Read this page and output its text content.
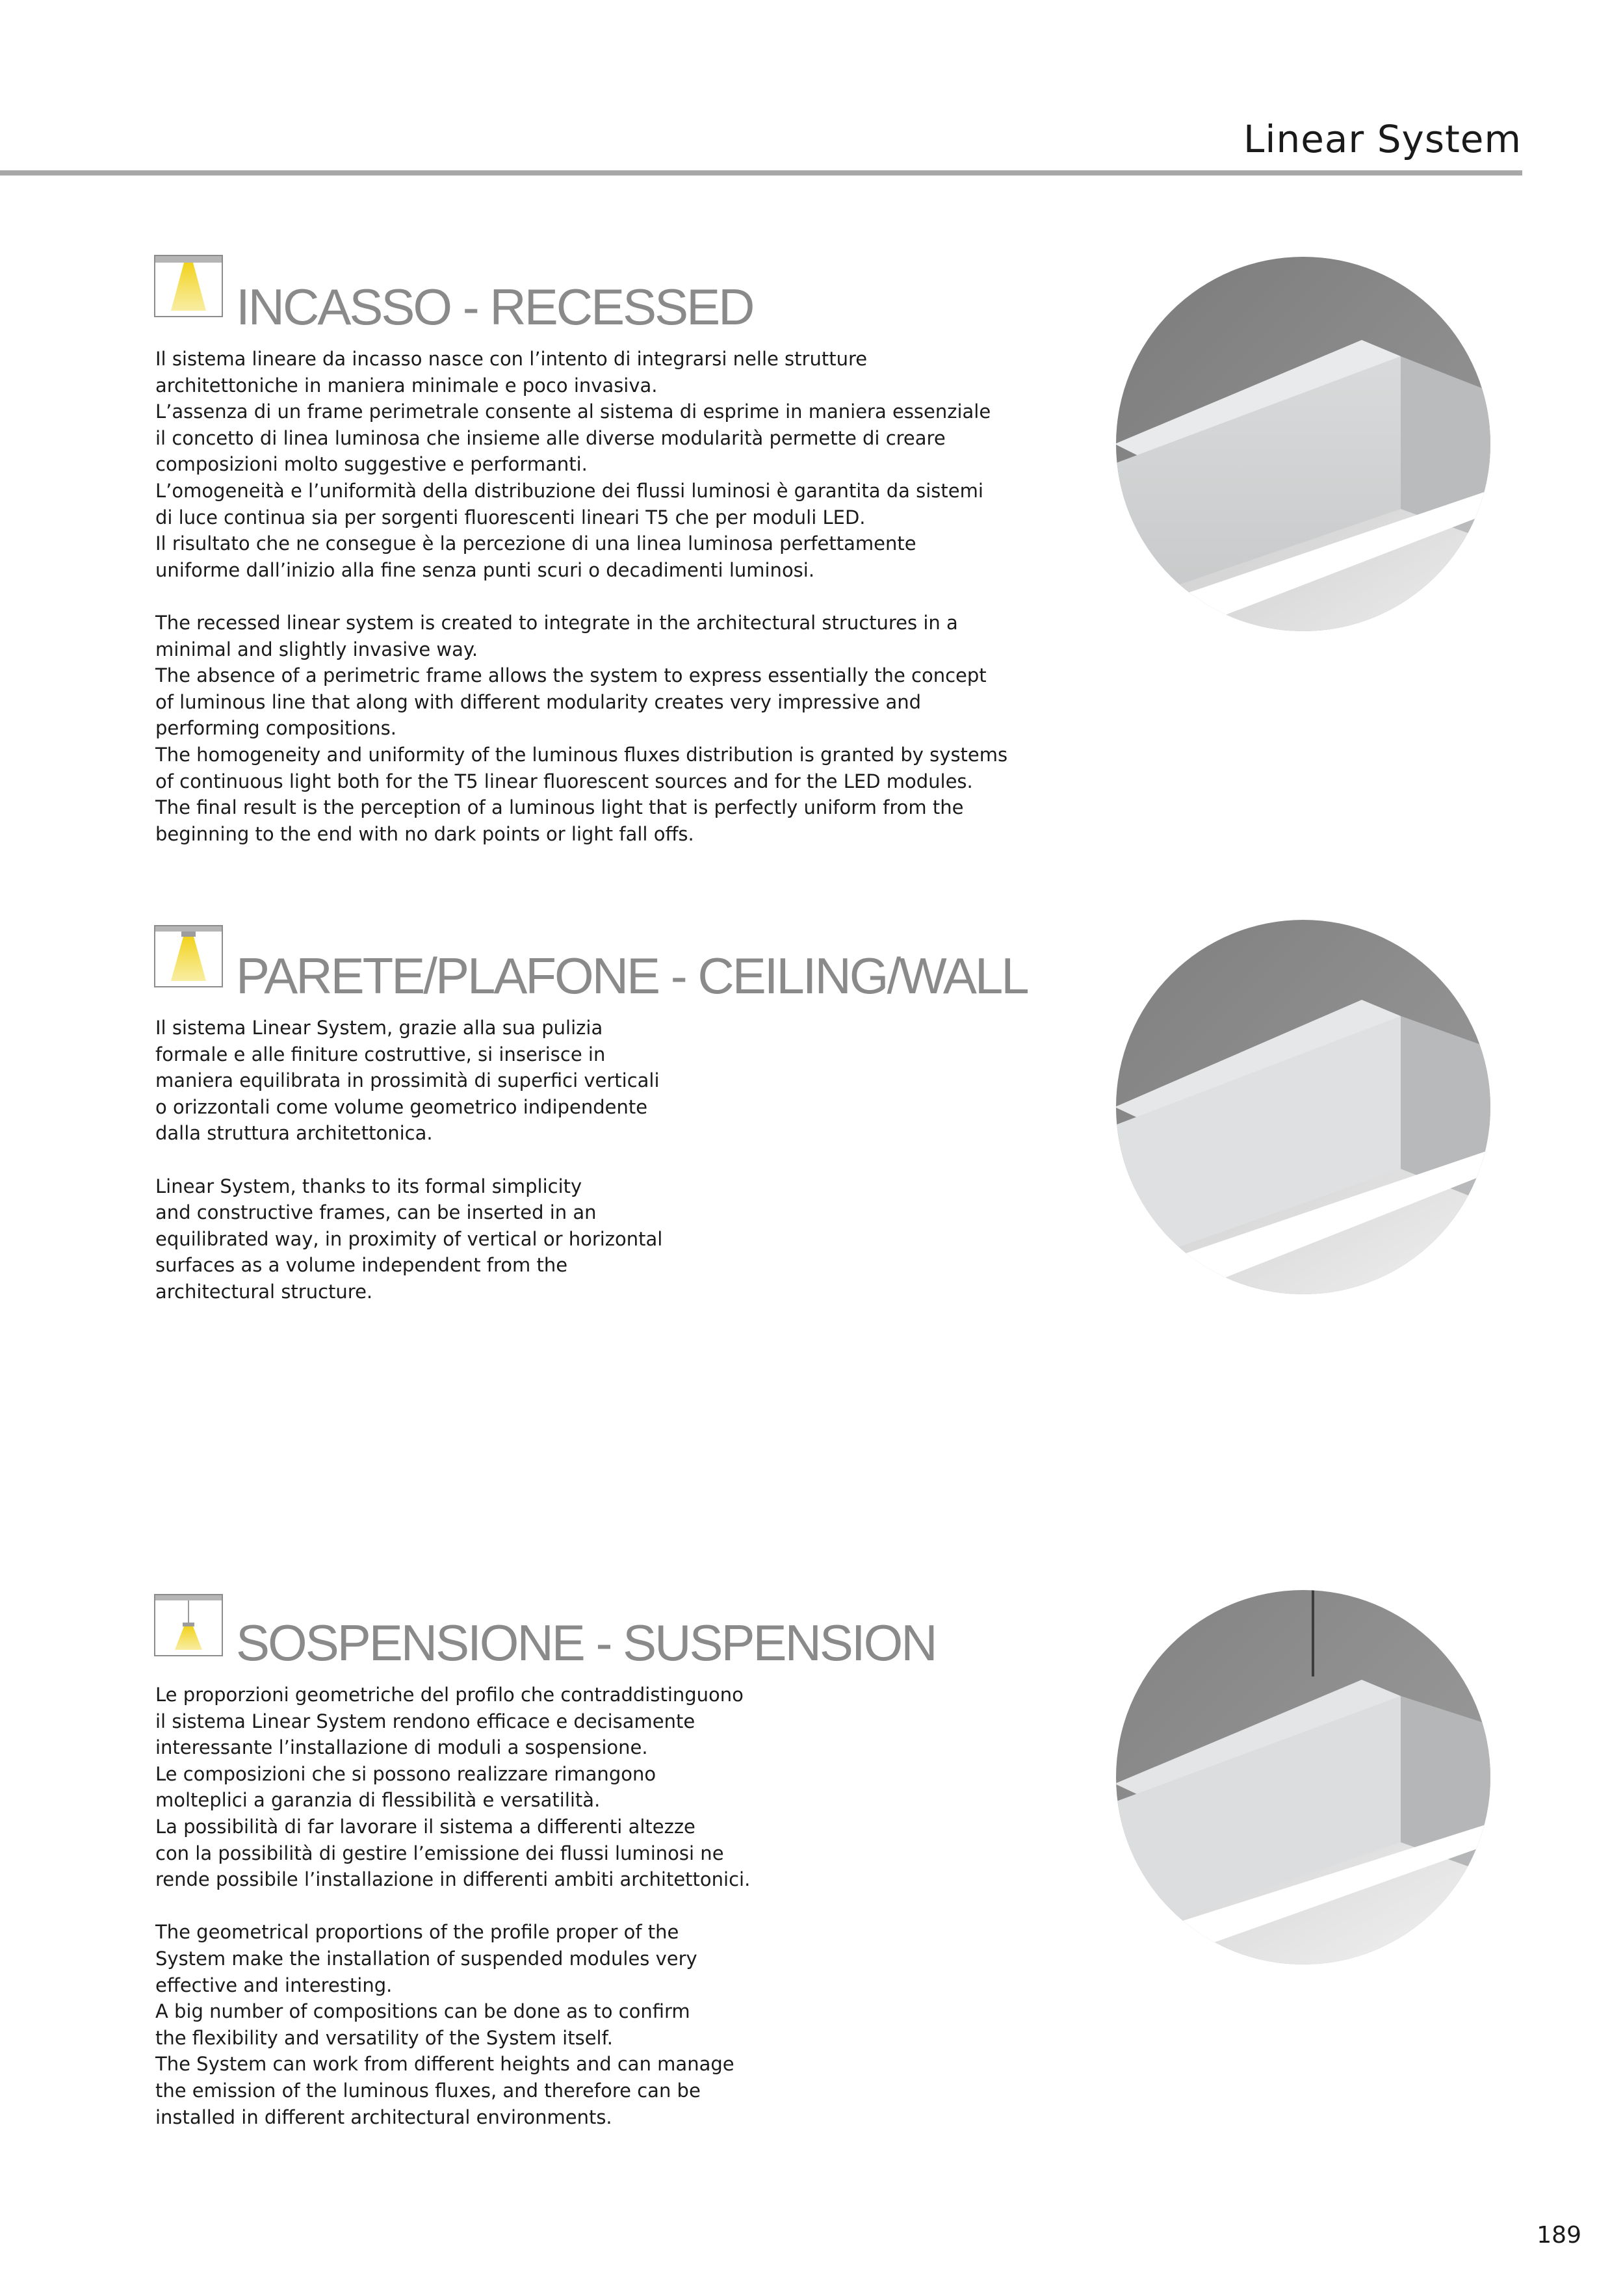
Linear System
INCASSO - RECESSED
Il sistema lineare da incasso nasce con l’intento di integrarsi nelle strutture
architettoniche in maniera minimale e poco invasiva.
L’assenza di un frame perimetrale consente al sistema di esprime in maniera essenziale
il concetto di linea luminosa che insieme alle diverse modularità permette di creare
composizioni molto suggestive e performanti.
L’omogeneità e l’uniformità della distribuzione dei flussi luminosi è garantita da sistemi
di luce continua sia per sorgenti fluorescenti lineari T5 che per moduli LED.
Il risultato che ne consegue è la percezione di una linea luminosa perfettamente
uniforme dall’inizio alla fine senza punti scuri o decadimenti luminosi.
The recessed linear system is created to integrate in the architectural structures in a
minimal and slightly invasive way.
The absence of a perimetric frame allows the system to express essentially the concept
of luminous line that along with different modularity creates very impressive and
performing compositions.
The homogeneity and uniformity of the luminous fluxes distribution is granted by systems
of continuous light both for the T5 linear fluorescent sources and for the LED modules.
The final result is the perception of a luminous light that is perfectly uniform from the
beginning to the end with no dark points or light fall offs.
PARETE/PLAFONE - CEILING/WALL
Il sistema Linear System, grazie alla sua pulizia
formale e alle finiture costruttive, si inserisce in
maniera equilibrata in prossimità di superfici verticali
o orizzontali come volume geometrico indipendente
dalla struttura architettonica.
Linear System, thanks to its formal simplicity
and constructive frames, can be inserted in an
equilibrated way, in proximity of vertical or horizontal
surfaces as a volume independent from the
architectural structure.
SOSPENSIONE - SUSPENSION
Le proporzioni geometriche del profilo che contraddistinguono
il sistema Linear System rendono efficace e decisamente
interessante l’installazione di moduli a sospensione.
Le composizioni che si possono realizzare rimangono
molteplici a garanzia di flessibilità e versatilità.
La possibilità di far lavorare il sistema a differenti altezze
con la possibilità di gestire l’emissione dei flussi luminosi ne
rende possibile l’installazione in differenti ambiti architettonici.
The geometrical proportions of the profile proper of the
System make the installation of suspended modules very
effective and interesting.
A big number of compositions can be done as to confirm
the flexibility and versatility of the System itself.
The System can work from different heights and can manage
the emission of the luminous fluxes, and therefore can be
installed in different architectural environments.
189
